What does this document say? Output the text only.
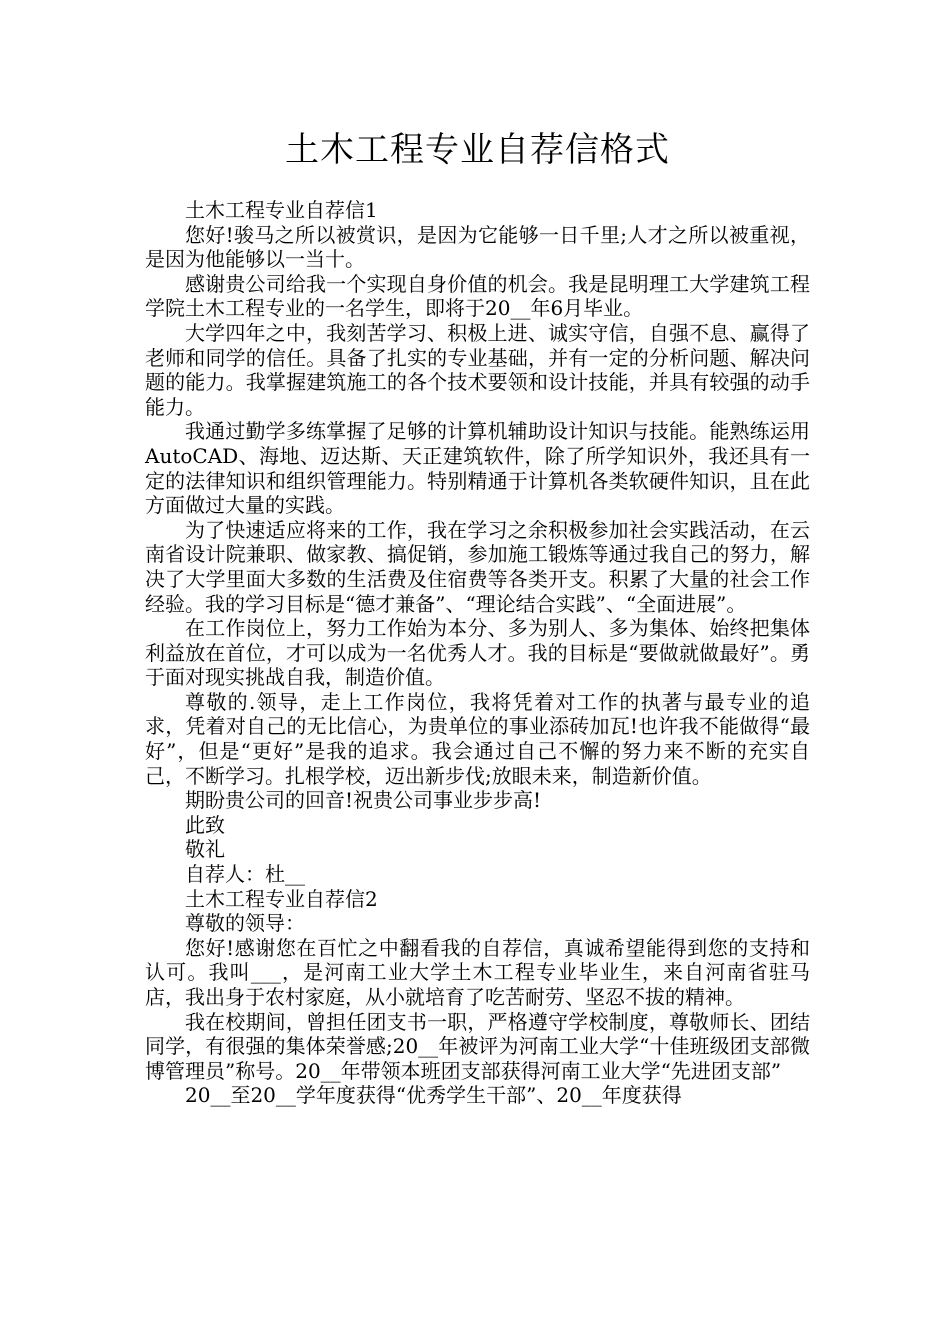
土木工程专业自荐信格式

土木工程专业自荐信1

您好!骏马之所以被赏识，是因为它能够一日千里;人才之所以被重视，是因为他能够以一当十。

感谢贵公司给我一个实现自身价值的机会。我是昆明理工大学建筑工程学院土木工程专业的一名学生，即将于20__年6月毕业。

大学四年之中，我刻苦学习、积极上进、诚实守信，自强不息、赢得了老师和同学的信任。具备了扎实的专业基础，并有一定的分析问题、解决问题的能力。我掌握建筑施工的各个技术要领和设计技能，并具有较强的动手能力。

我通过勤学多练掌握了足够的计算机辅助设计知识与技能。能熟练运用AutoCAD、海地、迈达斯、天正建筑软件，除了所学知识外，我还具有一定的法律知识和组织管理能力。特别精通于计算机各类软硬件知识，且在此方面做过大量的实践。

为了快速适应将来的工作，我在学习之余积极参加社会实践活动，在云南省设计院兼职、做家教、搞促销，参加施工锻炼等通过我自己的努力，解决了大学里面大多数的生活费及住宿费等各类开支。积累了大量的社会工作经验。我的学习目标是“德才兼备”、“理论结合实践”、“全面进展”。

在工作岗位上，努力工作始为本分、多为别人、多为集体、始终把集体利益放在首位，才可以成为一名优秀人才。我的目标是“要做就做最好”。勇于面对现实挑战自我，制造价值。

尊敬的.领导，走上工作岗位，我将凭着对工作的执著与最专业的追求，凭着对自己的无比信心，为贵单位的事业添砖加瓦!也许我不能做得“最好”，但是“更好”是我的追求。我会通过自己不懈的努力来不断的充实自己，不断学习。扎根学校，迈出新步伐;放眼未来，制造新价值。

期盼贵公司的回音!祝贵公司事业步步高!

此致

敬礼

自荐人：杜__

土木工程专业自荐信2

尊敬的领导：

您好!感谢您在百忙之中翻看我的自荐信，真诚希望能得到您的支持和认可。我叫___，是河南工业大学土木工程专业毕业生，来自河南省驻马店，我出身于农村家庭，从小就培育了吃苦耐劳、坚忍不拔的精神。

我在校期间，曾担任团支书一职，严格遵守学校制度，尊敬师长、团结同学，有很强的集体荣誉感;20__年被评为河南工业大学“十佳班级团支部微博管理员”称号。20__年带领本班团支部获得河南工业大学“先进团支部”

20__至20__学年度获得“优秀学生干部”、20__年度获得
